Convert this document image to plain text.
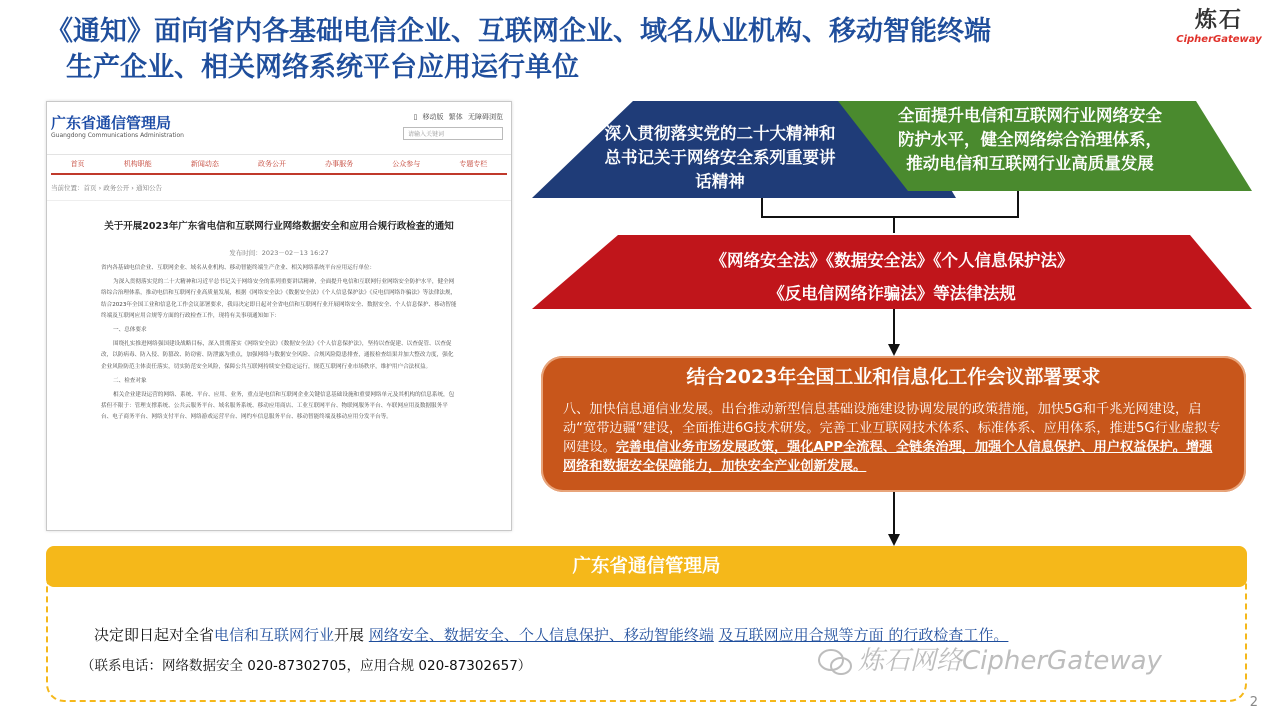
《通知》面向省内各基础电信企业、互联网企业、域名从业机构、移动智能终端
生产企业、相关网络系统平台应用运行单位
炼石
CipherGateway
广东省通信管理局
Guangdong Communications Administration
▯ 移动版 繁体 无障碍浏览
请输入关键词
首页	机构职能	新闻动态	政务公开	办事服务	公众参与	专题专栏
当前位置：首页 › 政务公开 › 通知公告
关于开展2023年广东省电信和互联网行业网络数据安全和应用合规行政检查的通知
发布时间：2023－02－13 16:27

省内各基础电信企业、互联网企业、域名从业机构、移动智能终端生产企业、相关网络系统平台应用运行单位：

为深入贯彻落实党的二十大精神和习近平总书记关于网络安全的系列重要讲话精神，全面提升电信和互联网行业网络安全防护水平，健全网络综合治理体系，推动电信和互联网行业高质量发展，根据《网络安全法》《数据安全法》《个人信息保护法》《反电信网络诈骗法》等法律法规，结合2023年全国工业和信息化工作会议部署要求，我局决定即日起对全省电信和互联网行业开展网络安全、数据安全、个人信息保护、移动智能终端及互联网应用合规等方面的行政检查工作，现将有关事项通知如下：

一、总体要求

围绕扎实推进网络强国建设战略目标，深入贯彻落实《网络安全法》《数据安全法》《个人信息保护法》，坚持以查促建、以查促管、以查促改，以防病毒、防入侵、防篡改、防窃密、防泄露为重点，加强网络与数据安全风险、合规风险隐患排查，通报检查结果并加大整改力度，强化企业风险防范主体责任落实，切实防范安全风险，保障公共互联网持续安全稳定运行，规范互联网行业市场秩序，维护用户合法权益。

二、检查对象

相关企业建设运营的网络、系统、平台、应用、业务，重点是电信和互联网企业关键信息基础设施和重要网络单元及其机构的信息系统，包括但不限于：管理支撑系统、公共云服务平台、域名服务系统、移动应用商店、工业互联网平台、物联网服务平台、车联网应用及数据服务平台、电子商务平台、网络支付平台、网络游戏运营平台、网约车信息服务平台、移动智能终端及移动应用分发平台等。

深入贯彻落实党的二十大精神和总书记关于网络安全系列重要讲话精神
全面提升电信和互联网行业网络安全防护水平，健全网络综合治理体系，推动电信和互联网行业高质量发展
《网络安全法》《数据安全法》《个人信息保护法》
《反电信网络诈骗法》等法律法规
结合2023年全国工业和信息化工作会议部署要求
八、加快信息通信业发展。出台推动新型信息基础设施建设协调发展的政策措施，加快5G和千兆光网建设，启动“宽带边疆”建设，全面推进6G技术研发。完善工业互联网技术体系、标准体系、应用体系，推进5G行业虚拟专网建设。完善电信业务市场发展政策，强化APP全流程、全链条治理，加强个人信息保护、用户权益保护。增强网络和数据安全保障能力，加快安全产业创新发展。
广东省通信管理局
决定即日起对全省电信和互联网行业开展 网络安全、数据安全、个人信息保护、移动智能终端 及互联网应用合规等方面 的行政检查工作。
（联系电话：网络数据安全 020-87302705，应用合规 020-87302657）	炼石网络CipherGateway
2
